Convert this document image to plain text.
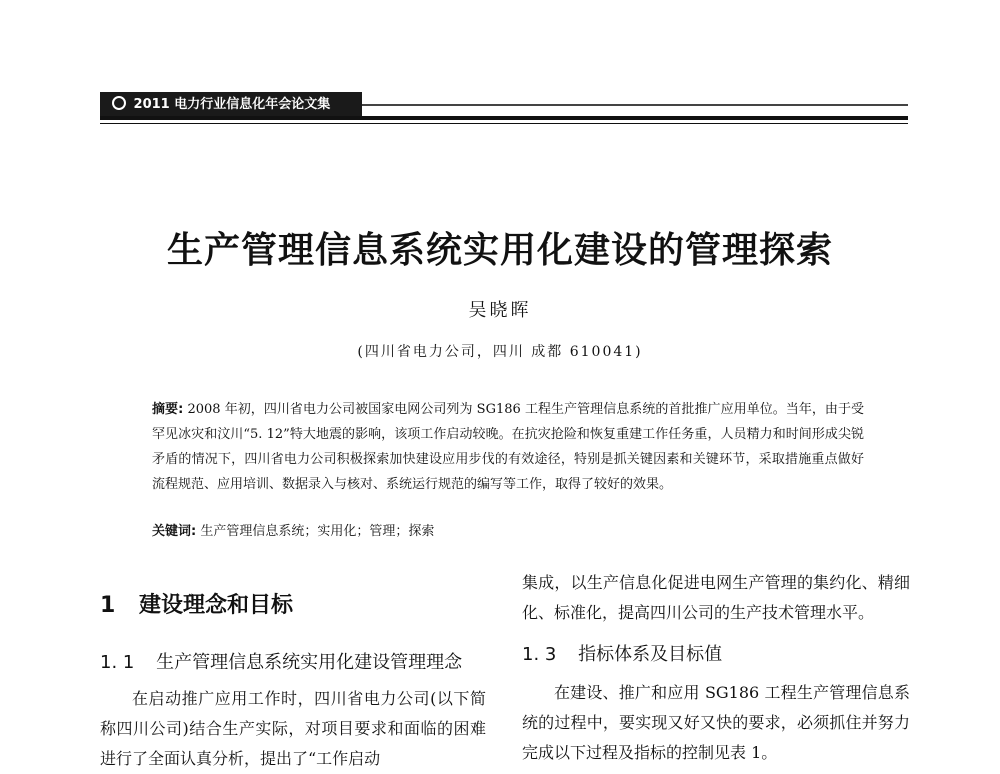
2011 电力行业信息化年会论文集
生产管理信息系统实用化建设的管理探索
吴晓晖
(四川省电力公司，四川 成都 610041)
摘要: 2008 年初，四川省电力公司被国家电网公司列为 SG186 工程生产管理信息系统的首批推广应用单位。当年，由于受罕见冰灾和汶川“5. 12”特大地震的影响，该项工作启动较晚。在抗灾抢险和恢复重建工作任务重，人员精力和时间形成尖锐矛盾的情况下，四川省电力公司积极探索加快建设应用步伐的有效途径，特别是抓关键因素和关键环节，采取措施重点做好流程规范、应用培训、数据录入与核对、系统运行规范的编写等工作，取得了较好的效果。
关键词: 生产管理信息系统；实用化；管理；探索
1 建设理念和目标
1. 1 生产管理信息系统实用化建设管理理念
在启动推广应用工作时，四川省电力公司(以下简称四川公司)结合生产实际，对项目要求和面临的困难进行了全面认真分析，提出了“工作启动
集成，以生产信息化促进电网生产管理的集约化、精细化、标准化，提高四川公司的生产技术管理水平。
1. 3 指标体系及目标值
在建设、推广和应用 SG186 工程生产管理信息系统的过程中，要实现又好又快的要求，必须抓住并努力完成以下过程及指标的控制见表 1。
